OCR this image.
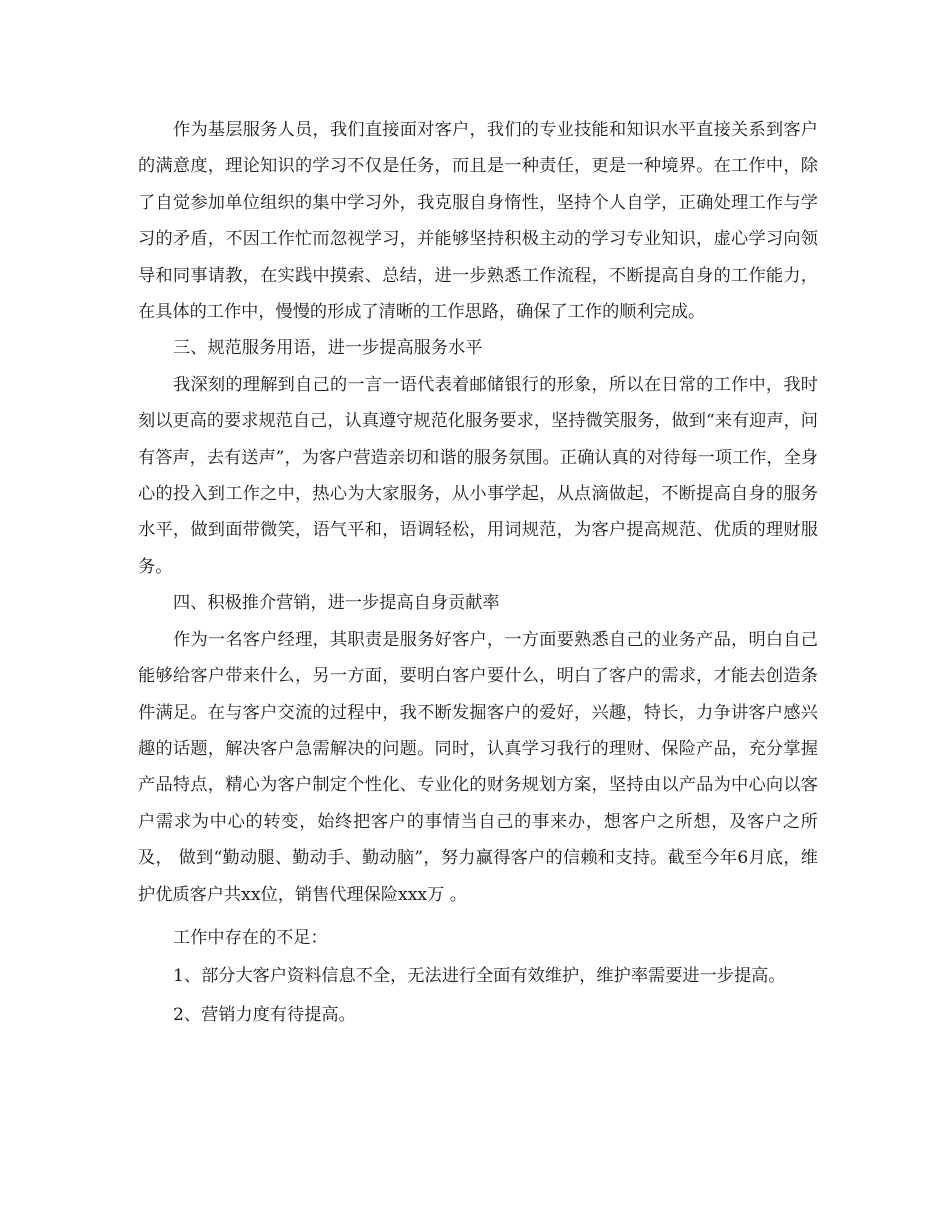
作为基层服务人员，我们直接面对客户，我们的专业技能和知识水平直接关系到客户的满意度，理论知识的学习不仅是任务，而且是一种责任，更是一种境界。在工作中，除了自觉参加单位组织的集中学习外，我克服自身惰性，坚持个人自学，正确处理工作与学习的矛盾，不因工作忙而忽视学习，并能够坚持积极主动的学习专业知识，虚心学习向领导和同事请教，在实践中摸索、总结，进一步熟悉工作流程，不断提高自身的工作能力，在具体的工作中，慢慢的形成了清晰的工作思路，确保了工作的顺利完成。

三、规范服务用语，进一步提高服务水平

我深刻的理解到自己的一言一语代表着邮储银行的形象，所以在日常的工作中，我时刻以更高的要求规范自己，认真遵守规范化服务要求，坚持微笑服务，做到“来有迎声，问有答声，去有送声”，为客户营造亲切和谐的服务氛围。正确认真的对待每一项工作，全身心的投入到工作之中，热心为大家服务，从小事学起，从点滴做起，不断提高自身的服务水平，做到面带微笑，语气平和，语调轻松，用词规范，为客户提高规范、优质的理财服务。

四、积极推介营销，进一步提高自身贡献率

作为一名客户经理，其职责是服务好客户，一方面要熟悉自己的业务产品，明白自己能够给客户带来什么，另一方面，要明白客户要什么，明白了客户的需求，才能去创造条件满足。在与客户交流的过程中，我不断发掘客户的爱好，兴趣，特长，力争讲客户感兴趣的话题，解决客户急需解决的问题。同时，认真学习我行的理财、保险产品，充分掌握产品特点，精心为客户制定个性化、专业化的财务规划方案，坚持由以产品为中心向以客户需求为中心的转变，始终把客户的事情当自己的事来办，想客户之所想，及客户之所及， 做到“勤动腿、勤动手、勤动脑”，努力赢得客户的信赖和支持。截至今年6月底，维护优质客户共xx位，销售代理保险xxx万 。

工作中存在的不足：

1、部分大客户资料信息不全，无法进行全面有效维护，维护率需要进一步提高。

2、营销力度有待提高。
